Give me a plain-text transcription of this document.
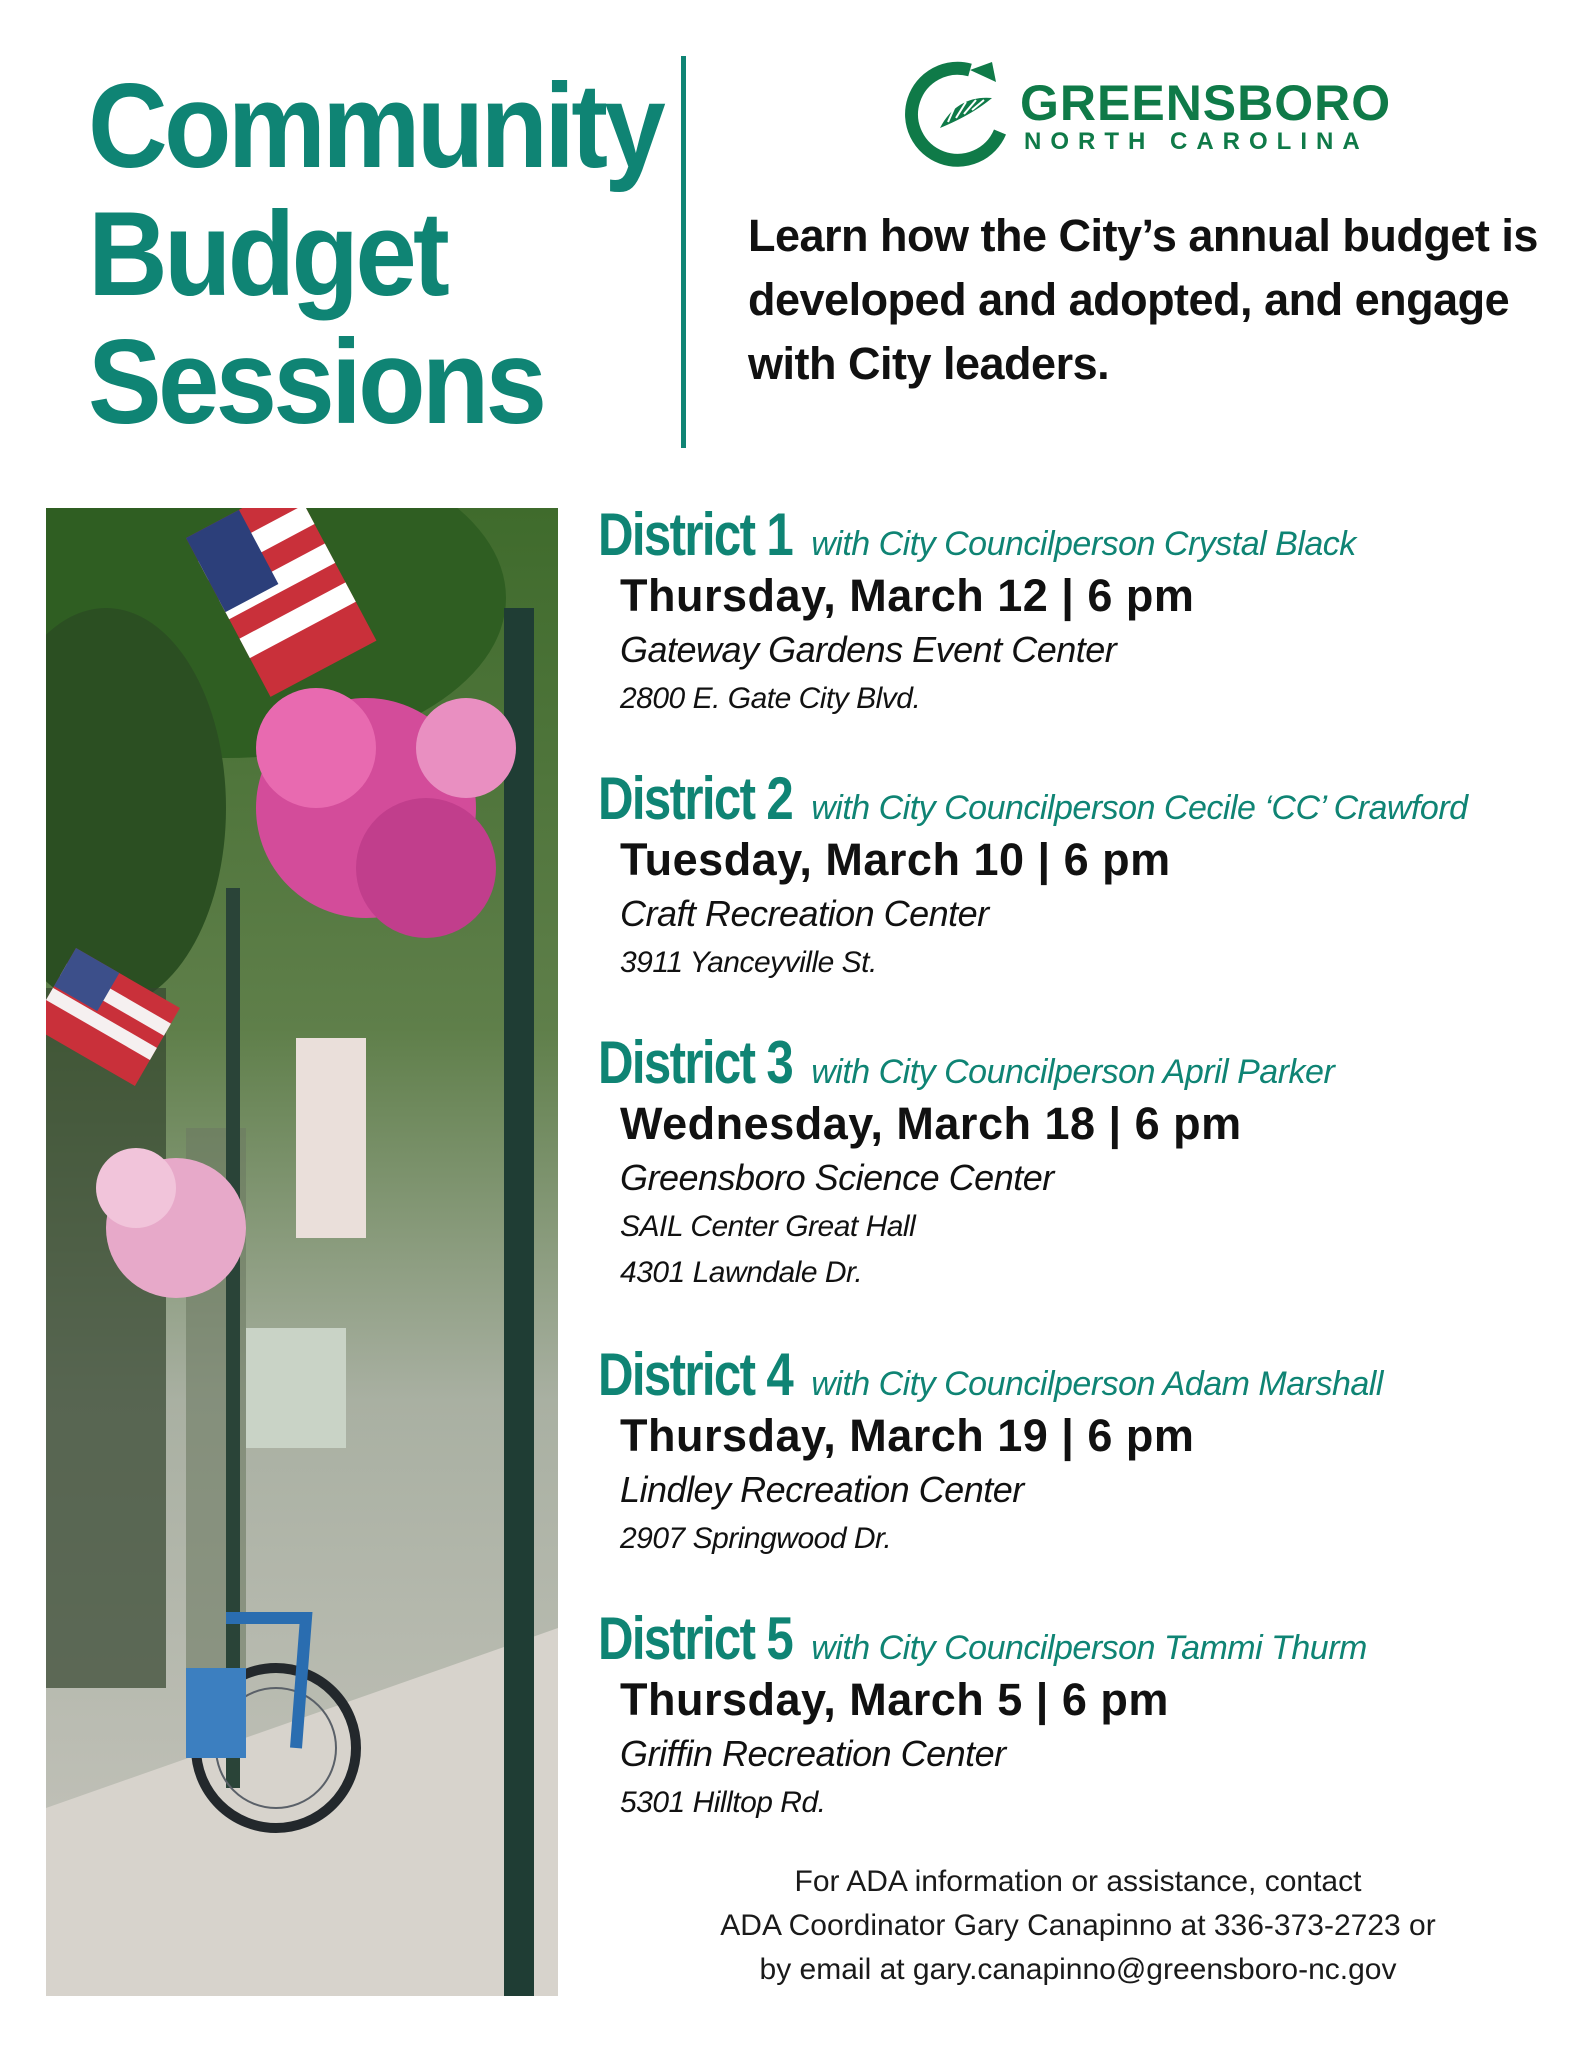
Community
Budget
Sessions
GREENSBORO
NORTH CAROLINA
Learn how the City’s annual budget is developed and adopted, and engage with City leaders.
District 1 with City Councilperson Crystal Black
Thursday, March 12 | 6 pm
Gateway Gardens Event Center
2800 E. Gate City Blvd.
District 2 with City Councilperson Cecile ‘CC’ Crawford
Tuesday, March 10 | 6 pm
Craft Recreation Center
3911 Yanceyville St.
District 3 with City Councilperson April Parker
Wednesday, March 18 | 6 pm
Greensboro Science Center
SAIL Center Great Hall
4301 Lawndale Dr.
District 4 with City Councilperson Adam Marshall
Thursday, March 19 | 6 pm
Lindley Recreation Center
2907 Springwood Dr.
District 5 with City Councilperson Tammi Thurm
Thursday, March 5 | 6 pm
Griffin Recreation Center
5301 Hilltop Rd.
For ADA information or assistance, contact
ADA Coordinator Gary Canapinno at 336-373-2723 or
by email at gary.canapinno@greensboro-nc.gov
